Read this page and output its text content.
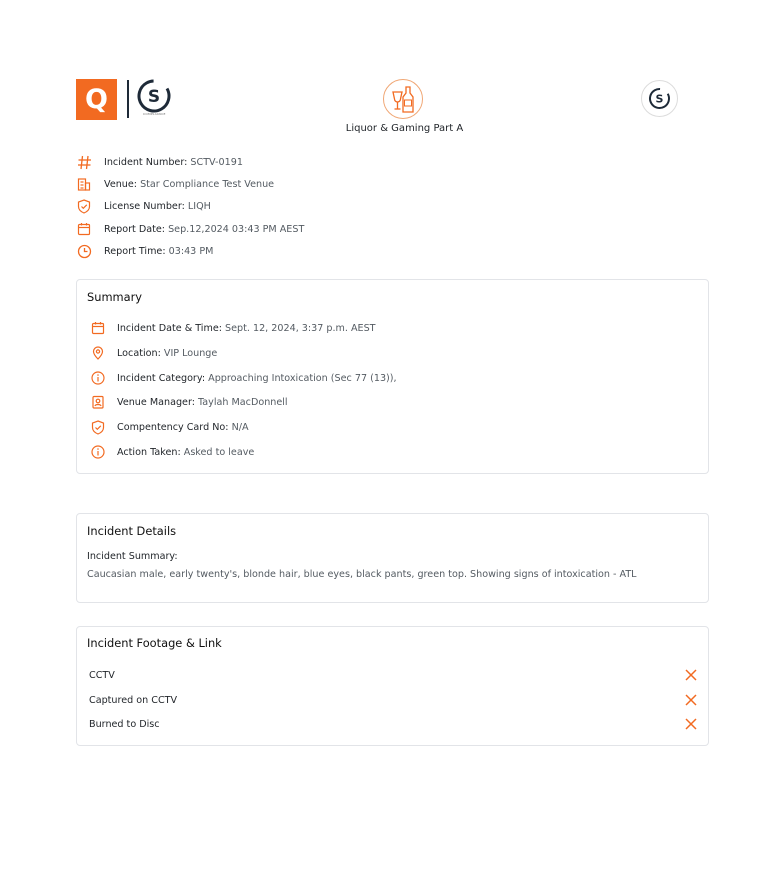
Q	S
COMPLIANCE
Liquor & Gaming Part A
S
Incident Number:
SCTV-0191
Venue:
Star Compliance Test Venue
License Number:
LIQH
Report Date:
Sep.12,2024 03:43 PM AEST
Report Time:
03:43 PM
Summary
Incident Date & Time:
Sept. 12, 2024, 3:37 p.m. AEST
Location:
VIP Lounge
Incident Category:
Approaching Intoxication (Sec 77 (13)),
Venue Manager:
Taylah MacDonnell
Compentency Card No:
N/A
Action Taken:
Asked to leave
Incident Details
Incident Summary:
Caucasian male, early twenty's, blonde hair, blue eyes, black pants, green top. Showing signs of intoxication - ATL
Incident Footage & Link
CCTV
Captured on CCTV
Burned to Disc
